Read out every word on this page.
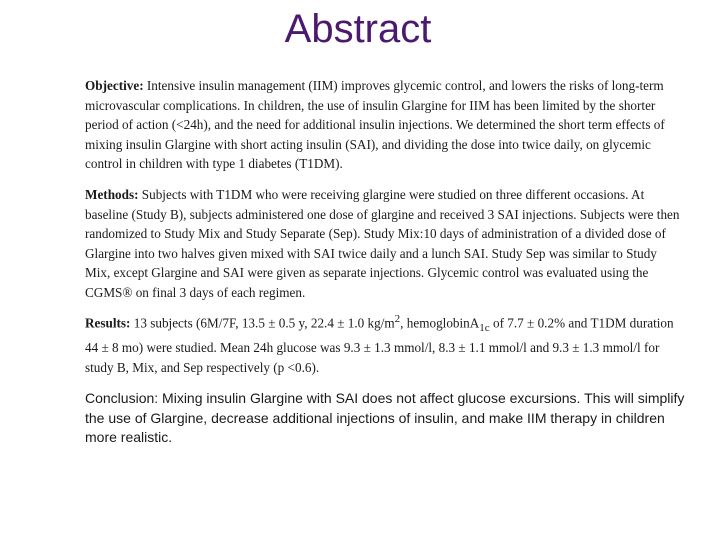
Abstract

Objective: Intensive insulin management (IIM) improves glycemic control, and lowers the risks of long-term microvascular complications. In children, the use of insulin Glargine for IIM has been limited by the shorter period of action (<24h), and the need for additional insulin injections. We determined the short term effects of mixing insulin Glargine with short acting insulin (SAI), and dividing the dose into twice daily, on glycemic control in children with type 1 diabetes (T1DM).

Methods: Subjects with T1DM who were receiving glargine were studied on three different occasions. At baseline (Study B), subjects administered one dose of glargine and received 3 SAI injections. Subjects were then randomized to Study Mix and Study Separate (Sep). Study Mix:10 days of administration of a divided dose of Glargine into two halves given mixed with SAI twice daily and a lunch SAI. Study Sep was similar to Study Mix, except Glargine and SAI were given as separate injections. Glycemic control was evaluated using the CGMS® on final 3 days of each regimen.

Results: 13 subjects (6M/7F, 13.5 ± 0.5 y, 22.4 ± 1.0 $kg/m^2$, hemoglobinA$_{1c}$ of 7.7 ± 0.2% and T1DM duration 44 ± 8 mo) were studied. Mean 24h glucose was 9.3 ± 1.3 mmol/l, 8.3 ± 1.1 mmol/l and 9.3 ± 1.3 mmol/l for study B, Mix, and Sep respectively (p <0.6).

Conclusion: Mixing insulin Glargine with SAI does not affect glucose excursions. This will simplify the use of Glargine, decrease additional injections of insulin, and make IIM therapy in children more realistic.
